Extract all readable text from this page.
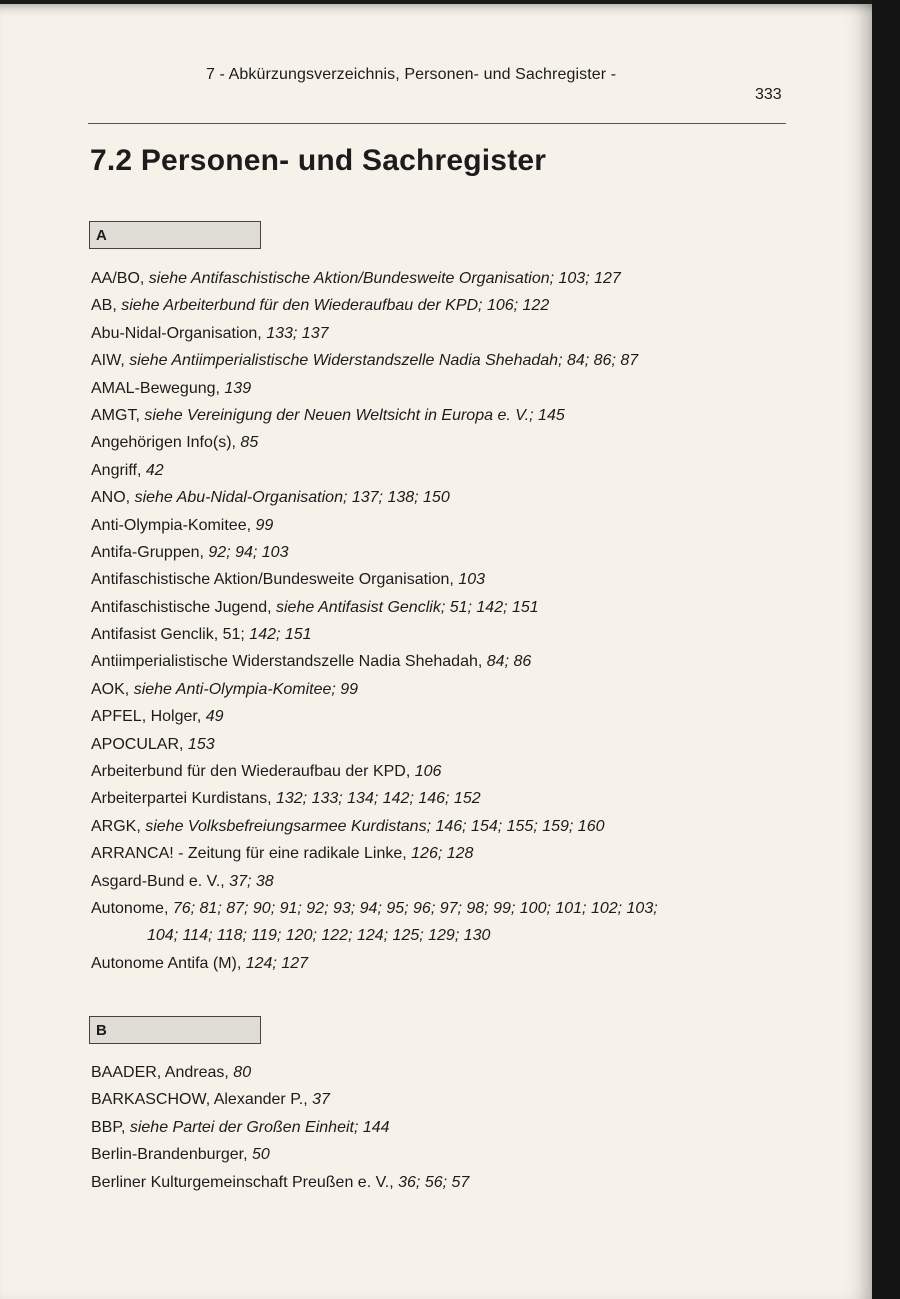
7 - Abkürzungsverzeichnis, Personen- und Sachregister -
333
7.2 Personen- und Sachregister
A
AA/BO, siehe Antifaschistische Aktion/Bundesweite Organisation; 103; 127
AB, siehe Arbeiterbund für den Wiederaufbau der KPD; 106; 122
Abu-Nidal-Organisation, 133; 137
AIW, siehe Antiimperialistische Widerstandszelle Nadia Shehadah; 84; 86; 87
AMAL-Bewegung, 139
AMGT, siehe Vereinigung der Neuen Weltsicht in Europa e. V.; 145
Angehörigen Info(s), 85
Angriff, 42
ANO, siehe Abu-Nidal-Organisation; 137; 138; 150
Anti-Olympia-Komitee, 99
Antifa-Gruppen, 92; 94; 103
Antifaschistische Aktion/Bundesweite Organisation, 103
Antifaschistische Jugend, siehe Antifasist Genclik; 51; 142; 151
Antifasist Genclik, 51; 142; 151
Antiimperialistische Widerstandszelle Nadia Shehadah, 84; 86
AOK, siehe Anti-Olympia-Komitee; 99
APFEL, Holger, 49
APOCULAR, 153
Arbeiterbund für den Wiederaufbau der KPD, 106
Arbeiterpartei Kurdistans, 132; 133; 134; 142; 146; 152
ARGK, siehe Volksbefreiungsarmee Kurdistans; 146; 154; 155; 159; 160
ARRANCA! - Zeitung für eine radikale Linke, 126; 128
Asgard-Bund e. V., 37; 38
Autonome, 76; 81; 87; 90; 91; 92; 93; 94; 95; 96; 97; 98; 99; 100; 101; 102; 103;
104; 114; 118; 119; 120; 122; 124; 125; 129; 130
Autonome Antifa (M), 124; 127
B
BAADER, Andreas, 80
BARKASCHOW, Alexander P., 37
BBP, siehe Partei der Großen Einheit; 144
Berlin-Brandenburger, 50
Berliner Kulturgemeinschaft Preußen e. V., 36; 56; 57
